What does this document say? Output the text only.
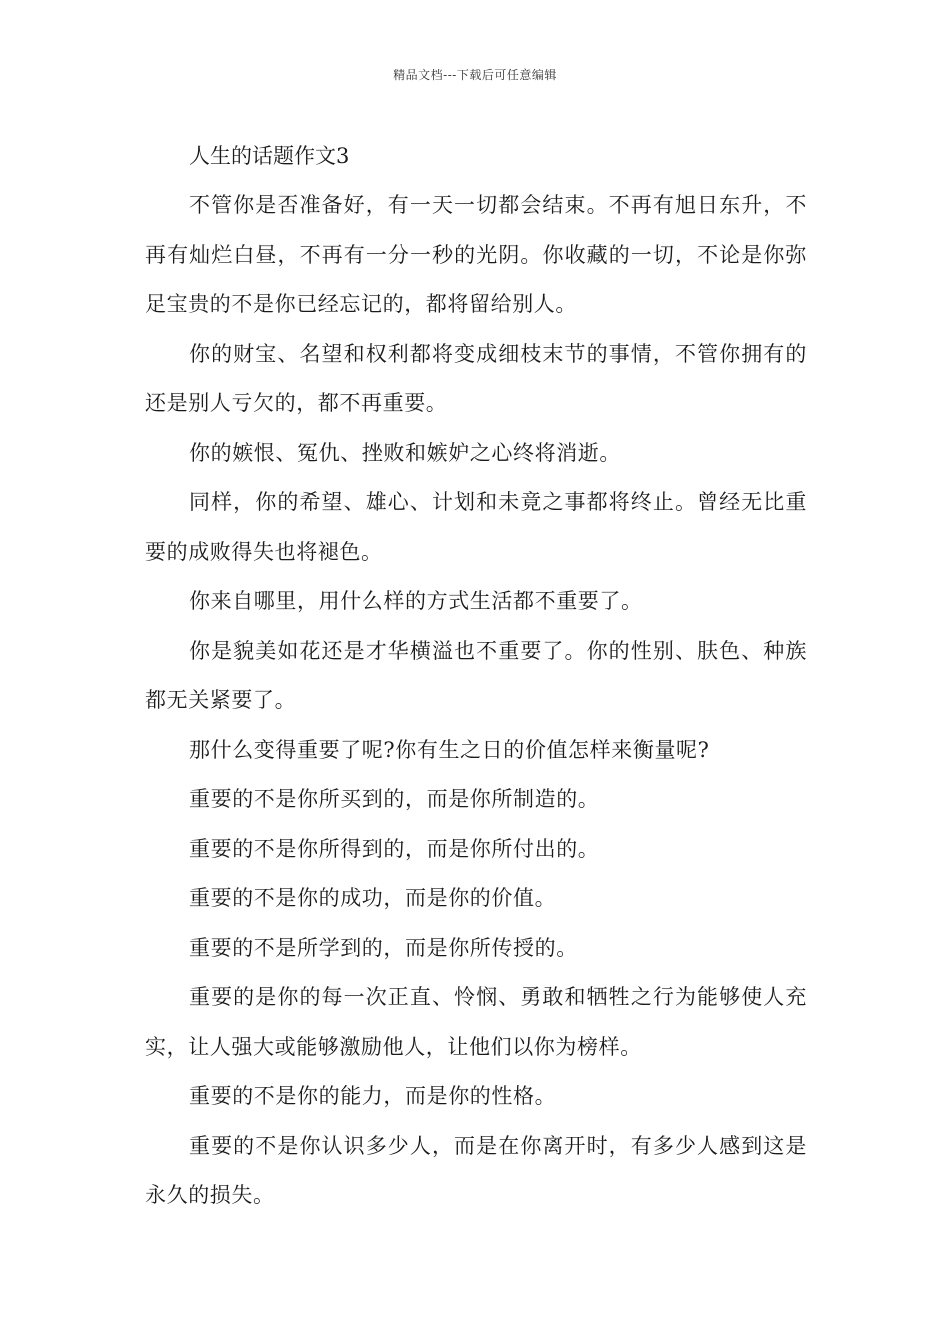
精品文档---下载后可任意编辑
人生的话题作文3

不管你是否准备好，有一天一切都会结束。不再有旭日东升，不再有灿烂白昼，不再有一分一秒的光阴。你收藏的一切，不论是你弥足宝贵的不是你已经忘记的，都将留给别人。

你的财宝、名望和权利都将变成细枝末节的事情，不管你拥有的还是别人亏欠的，都不再重要。

你的嫉恨、冤仇、挫败和嫉妒之心终将消逝。

同样，你的希望、雄心、计划和未竟之事都将终止。曾经无比重要的成败得失也将褪色。

你来自哪里，用什么样的方式生活都不重要了。

你是貌美如花还是才华横溢也不重要了。你的性别、肤色、种族都无关紧要了。

那什么变得重要了呢?你有生之日的价值怎样来衡量呢?

重要的不是你所买到的，而是你所制造的。

重要的不是你所得到的，而是你所付出的。

重要的不是你的成功，而是你的价值。

重要的不是所学到的，而是你所传授的。

重要的是你的每一次正直、怜悯、勇敢和牺牲之行为能够使人充实，让人强大或能够激励他人，让他们以你为榜样。

重要的不是你的能力，而是你的性格。

重要的不是你认识多少人，而是在你离开时，有多少人感到这是永久的损失。
